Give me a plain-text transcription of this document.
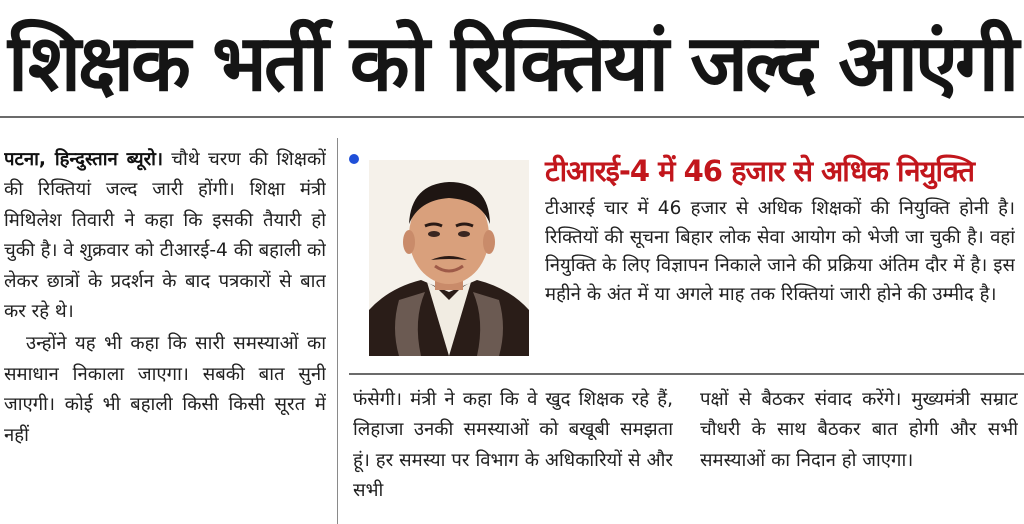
शिक्षक भर्ती को रिक्तियां जल्द आएंगी

पटना, हिन्दुस्तान ब्यूरो। चौथे चरण की शिक्षकों की रिक्तियां जल्द जारी होंगी। शिक्षा मंत्री मिथिलेश तिवारी ने कहा कि इसकी तैयारी हो चुकी है। वे शुक्रवार को टीआरई-4 की बहाली को लेकर छात्रों के प्रदर्शन के बाद पत्रकारों से बात कर रहे थे।

उन्होंने यह भी कहा कि सारी समस्याओं का समाधान निकाला जाएगा। सबकी बात सुनी जाएगी। कोई भी बहाली किसी किसी सूरत में नहीं

टीआरई-4 में 46 हजार से अधिक नियुक्ति
टीआरई चार में 46 हजार से अधिक शिक्षकों की नियुक्ति होनी है। रिक्तियों की सूचना बिहार लोक सेवा आयोग को भेजी जा चुकी है। वहां नियुक्ति के लिए विज्ञापन निकाले जाने की प्रक्रिया अंतिम दौर में है। इस महीने के अंत में या अगले माह तक रिक्तियां जारी होने की उम्मीद है।
फंसेगी। मंत्री ने कहा कि वे खुद शिक्षक रहे हैं, लिहाजा उनकी समस्याओं को बखूबी समझता हूं। हर समस्या पर विभाग के अधिकारियों से और सभी
पक्षों से बैठकर संवाद करेंगे। मुख्यमंत्री सम्राट चौधरी के साथ बैठकर बात होगी और सभी समस्याओं का निदान हो जाएगा।
